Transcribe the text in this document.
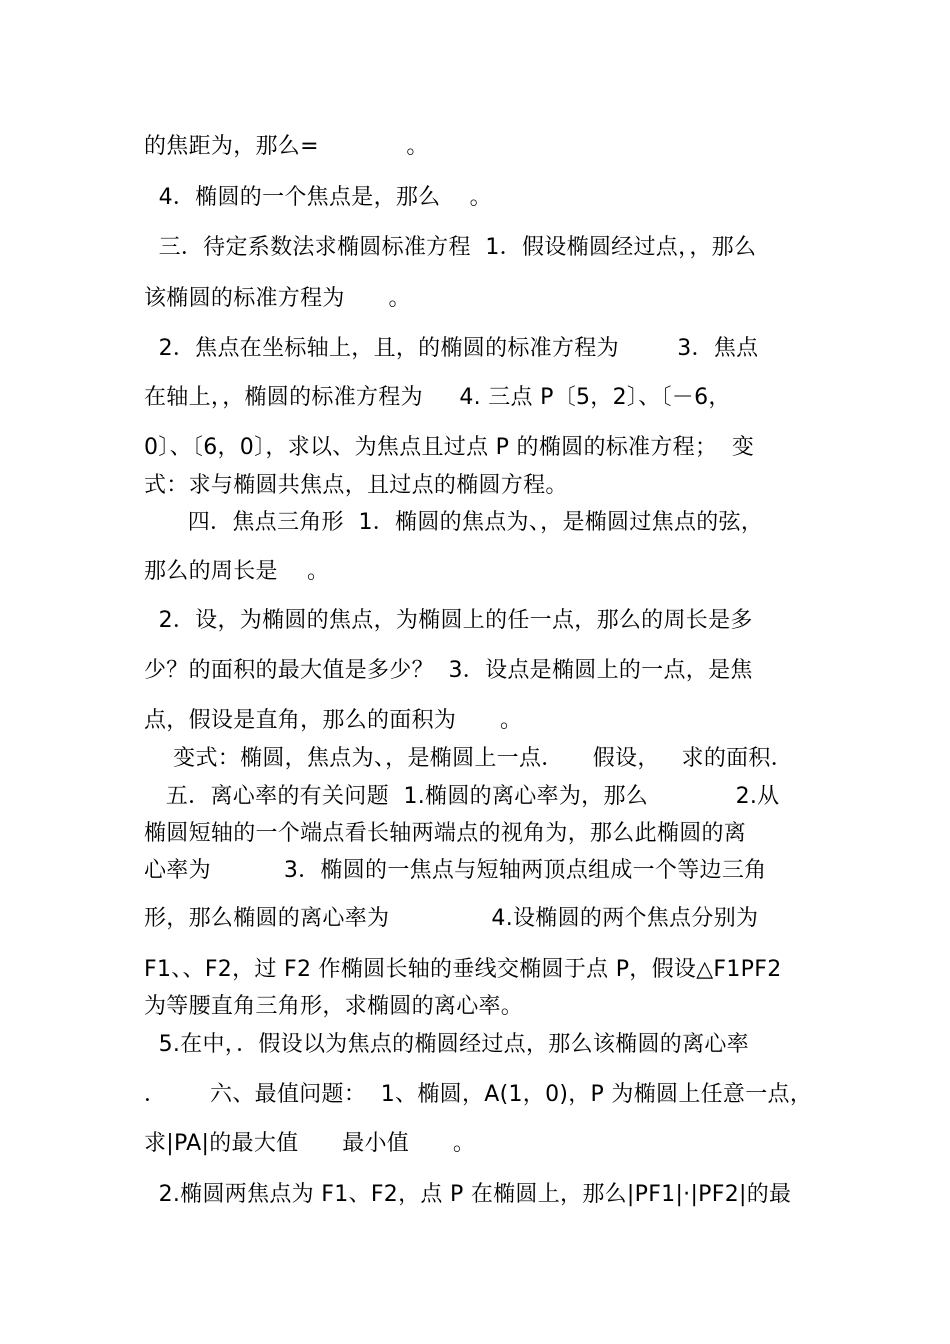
的焦距为，那么=            。
4．椭圆的一个焦点是，那么    。
三．待定系数法求椭圆标准方程  1．假设椭圆经过点，，那么
该椭圆的标准方程为      。
2．焦点在坐标轴上，且，的椭圆的标准方程为        3．焦点
在轴上，，椭圆的标准方程为     4. 三点 P〔5，2〕、〔－6，
0〕、〔6，0〕，求以、为焦点且过点 P 的椭圆的标准方程；  变
式：求与椭圆共焦点，且过点的椭圆方程。
四．焦点三角形  1．椭圆的焦点为、，是椭圆过焦点的弦，
那么的周长是    。
2．设，为椭圆的焦点，为椭圆上的任一点，那么的周长是多
少？的面积的最大值是多少？  3．设点是椭圆上的一点，是焦
点，假设是直角，那么的面积为      。
变式：椭圆，焦点为、，是椭圆上一点．    假设，   求的面积．
五．离心率的有关问题  1.椭圆的离心率为，那么            2.从
椭圆短轴的一个端点看长轴两端点的视角为，那么此椭圆的离
心率为          3．椭圆的一焦点与短轴两顶点组成一个等边三角
形，那么椭圆的离心率为              4.设椭圆的两个焦点分别为
F1、、F2，过 F2 作椭圆长轴的垂线交椭圆于点 P，假设△F1PF2
为等腰直角三角形，求椭圆的离心率。
5.在中，．假设以为焦点的椭圆经过点，那么该椭圆的离心率
．      六、最值问题：  1、椭圆，A(1，0)，P 为椭圆上任意一点，
求|PA|的最大值      最小值      。
2.椭圆两焦点为 F1、F2，点 P 在椭圆上，那么|PF1|·|PF2|的最
